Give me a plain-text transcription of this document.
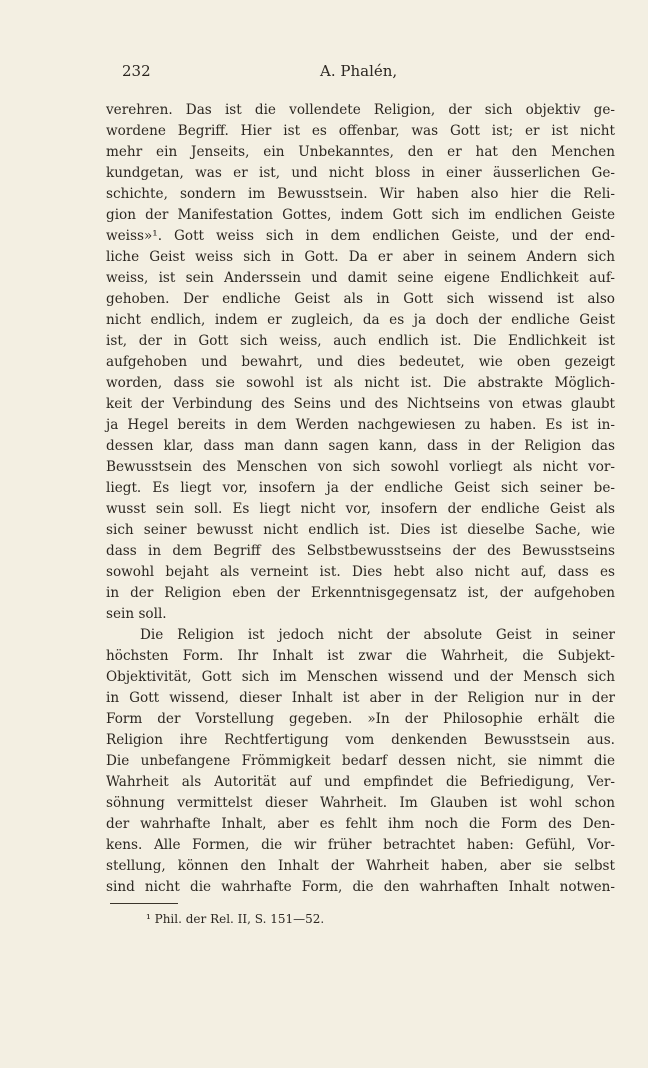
232	A. Phalén,
verehren. Das ist die vollendete Religion, der sich objektiv ge-
wordene Begriff. Hier ist es offenbar, was Gott ist; er ist nicht
mehr ein Jenseits, ein Unbekanntes, den er hat den Menchen
kundgetan, was er ist, und nicht bloss in einer äusserlichen Ge-
schichte, sondern im Bewusstsein. Wir haben also hier die Reli-
gion der Manifestation Gottes, indem Gott sich im endlichen Geiste
weiss»¹. Gott weiss sich in dem endlichen Geiste, und der end-
liche Geist weiss sich in Gott. Da er aber in seinem Andern sich
weiss, ist sein Anderssein und damit seine eigene Endlichkeit auf-
gehoben. Der endliche Geist als in Gott sich wissend ist also
nicht endlich, indem er zugleich, da es ja doch der endliche Geist
ist, der in Gott sich weiss, auch endlich ist. Die Endlichkeit ist
aufgehoben und bewahrt, und dies bedeutet, wie oben gezeigt
worden, dass sie sowohl ist als nicht ist. Die abstrakte Möglich-
keit der Verbindung des Seins und des Nichtseins von etwas glaubt
ja Hegel bereits in dem Werden nachgewiesen zu haben. Es ist in-
dessen klar, dass man dann sagen kann, dass in der Religion das
Bewusstsein des Menschen von sich sowohl vorliegt als nicht vor-
liegt. Es liegt vor, insofern ja der endliche Geist sich seiner be-
wusst sein soll. Es liegt nicht vor, insofern der endliche Geist als
sich seiner bewusst nicht endlich ist. Dies ist dieselbe Sache, wie
dass in dem Begriff des Selbstbewusstseins der des Bewusstseins
sowohl bejaht als verneint ist. Dies hebt also nicht auf, dass es
in der Religion eben der Erkenntnisgegensatz ist, der aufgehoben
sein soll.
Die Religion ist jedoch nicht der absolute Geist in seiner
höchsten Form. Ihr Inhalt ist zwar die Wahrheit, die Subjekt-
Objektivität, Gott sich im Menschen wissend und der Mensch sich
in Gott wissend, dieser Inhalt ist aber in der Religion nur in der
Form der Vorstellung gegeben. »In der Philosophie erhält die
Religion ihre Rechtfertigung vom denkenden Bewusstsein aus.
Die unbefangene Frömmigkeit bedarf dessen nicht, sie nimmt die
Wahrheit als Autorität auf und empfindet die Befriedigung, Ver-
söhnung vermittelst dieser Wahrheit. Im Glauben ist wohl schon
der wahrhafte Inhalt, aber es fehlt ihm noch die Form des Den-
kens. Alle Formen, die wir früher betrachtet haben: Gefühl, Vor-
stellung, können den Inhalt der Wahrheit haben, aber sie selbst
sind nicht die wahrhafte Form, die den wahrhaften Inhalt notwen-
¹ Phil. der Rel. II, S. 151—52.
